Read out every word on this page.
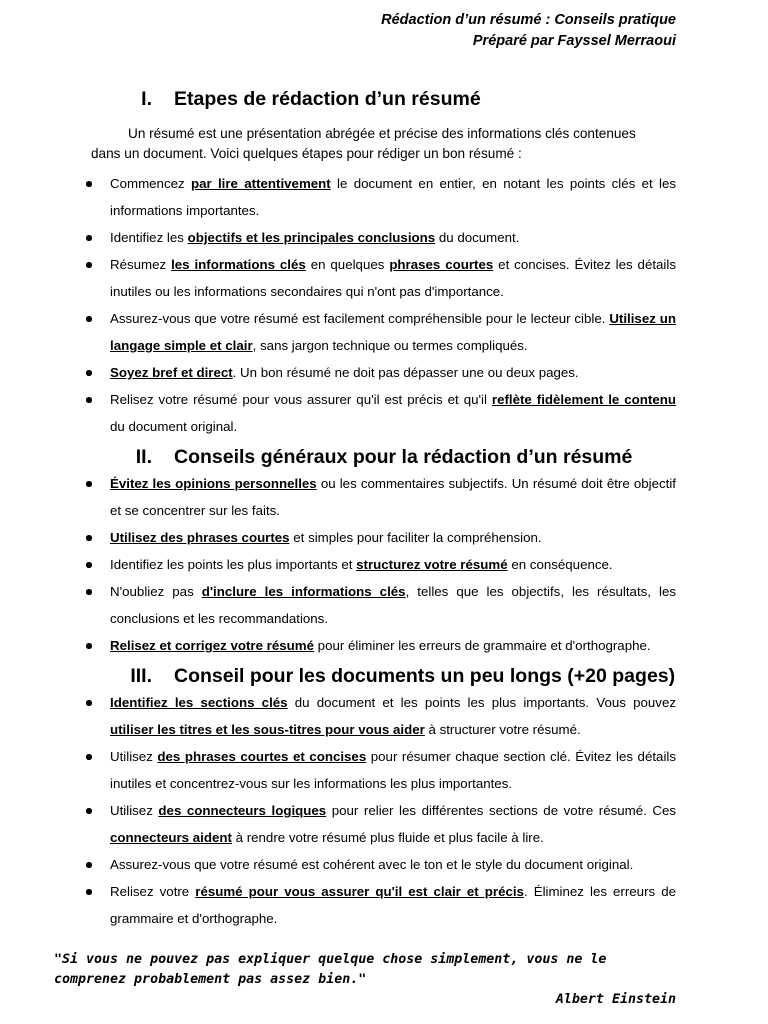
Rédaction d’un résumé : Conseils pratique
Préparé par Fayssel Merraoui
I. Etapes de rédaction d’un résumé
Un résumé est une présentation abrégée et précise des informations clés contenues
dans un document. Voici quelques étapes pour rédiger un bon résumé :
Commencez par lire attentivement le document en entier, en notant les points clés et les informations importantes.
Identifiez les objectifs et les principales conclusions du document.
Résumez les informations clés en quelques phrases courtes et concises. Évitez les détails inutiles ou les informations secondaires qui n'ont pas d'importance.
Assurez-vous que votre résumé est facilement compréhensible pour le lecteur cible. Utilisez un langage simple et clair, sans jargon technique ou termes compliqués.
Soyez bref et direct. Un bon résumé ne doit pas dépasser une ou deux pages.
Relisez votre résumé pour vous assurer qu'il est précis et qu'il reflète fidèlement le contenu du document original.
II. Conseils généraux pour la rédaction d’un résumé
Évitez les opinions personnelles ou les commentaires subjectifs. Un résumé doit être objectif et se concentrer sur les faits.
Utilisez des phrases courtes et simples pour faciliter la compréhension.
Identifiez les points les plus importants et structurez votre résumé en conséquence.
N'oubliez pas d'inclure les informations clés, telles que les objectifs, les résultats, les conclusions et les recommandations.
Relisez et corrigez votre résumé pour éliminer les erreurs de grammaire et d'orthographe.
III. Conseil pour les documents un peu longs (+20 pages)
Identifiez les sections clés du document et les points les plus importants. Vous pouvez utiliser les titres et les sous-titres pour vous aider à structurer votre résumé.
Utilisez des phrases courtes et concises pour résumer chaque section clé. Évitez les détails inutiles et concentrez-vous sur les informations les plus importantes.
Utilisez des connecteurs logiques pour relier les différentes sections de votre résumé. Ces connecteurs aident à rendre votre résumé plus fluide et plus facile à lire.
Assurez-vous que votre résumé est cohérent avec le ton et le style du document original.
Relisez votre résumé pour vous assurer qu'il est clair et précis. Éliminez les erreurs de grammaire et d'orthographe.
"Si vous ne pouvez pas expliquer quelque chose simplement, vous ne le comprenez probablement pas assez bien."
Albert Einstein
